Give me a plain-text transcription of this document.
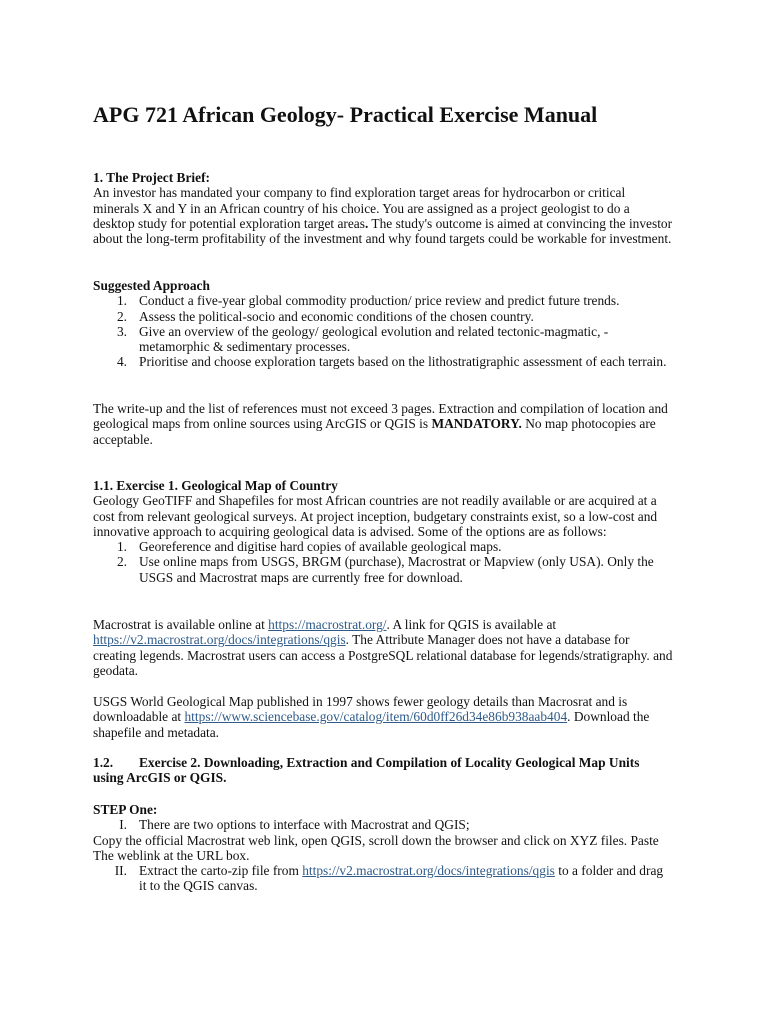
APG 721 African Geology- Practical Exercise Manual
1. The Project Brief:
An investor has mandated your company to find exploration target areas for hydrocarbon or critical minerals X and Y in an African country of his choice. You are assigned as a project geologist to do a desktop study for potential exploration target areas. The study's outcome is aimed at convincing the investor about the long-term profitability of the investment and why found targets could be workable for investment.
Suggested Approach
1. Conduct a five-year global commodity production/ price review and predict future trends.
2. Assess the political-socio and economic conditions of the chosen country.
3. Give an overview of the geology/ geological evolution and related tectonic-magmatic, -metamorphic & sedimentary processes.
4. Prioritise and choose exploration targets based on the lithostratigraphic assessment of each terrain.
The write-up and the list of references must not exceed 3 pages. Extraction and compilation of location and geological maps from online sources using ArcGIS or QGIS is MANDATORY. No map photocopies are acceptable.
1.1. Exercise 1. Geological Map of Country
Geology GeoTIFF and Shapefiles for most African countries are not readily available or are acquired at a cost from relevant geological surveys. At project inception, budgetary constraints exist, so a low-cost and innovative approach to acquiring geological data is advised. Some of the options are as follows:
1. Georeference and digitise hard copies of available geological maps.
2. Use online maps from USGS, BRGM (purchase), Macrostrat or Mapview (only USA). Only the USGS and Macrostrat maps are currently free for download.
Macrostrat is available online at https://macrostrat.org/. A link for QGIS is available at https://v2.macrostrat.org/docs/integrations/qgis. The Attribute Manager does not have a database for creating legends. Macrostrat users can access a PostgreSQL relational database for legends/stratigraphy. and geodata.
USGS World Geological Map published in 1997 shows fewer geology details than Macrosrat and is downloadable at https://www.sciencebase.gov/catalog/item/60d0ff26d34e86b938aab404. Download the shapefile and metadata.
1.2. Exercise 2. Downloading, Extraction and Compilation of Locality Geological Map Units using ArcGIS or QGIS.
STEP One:
I. There are two options to interface with Macrostrat and QGIS;
Copy the official Macrostrat web link, open QGIS, scroll down the browser and click on XYZ files. Paste The weblink at the URL box.
II. Extract the carto-zip file from https://v2.macrostrat.org/docs/integrations/qgis to a folder and drag it to the QGIS canvas.
